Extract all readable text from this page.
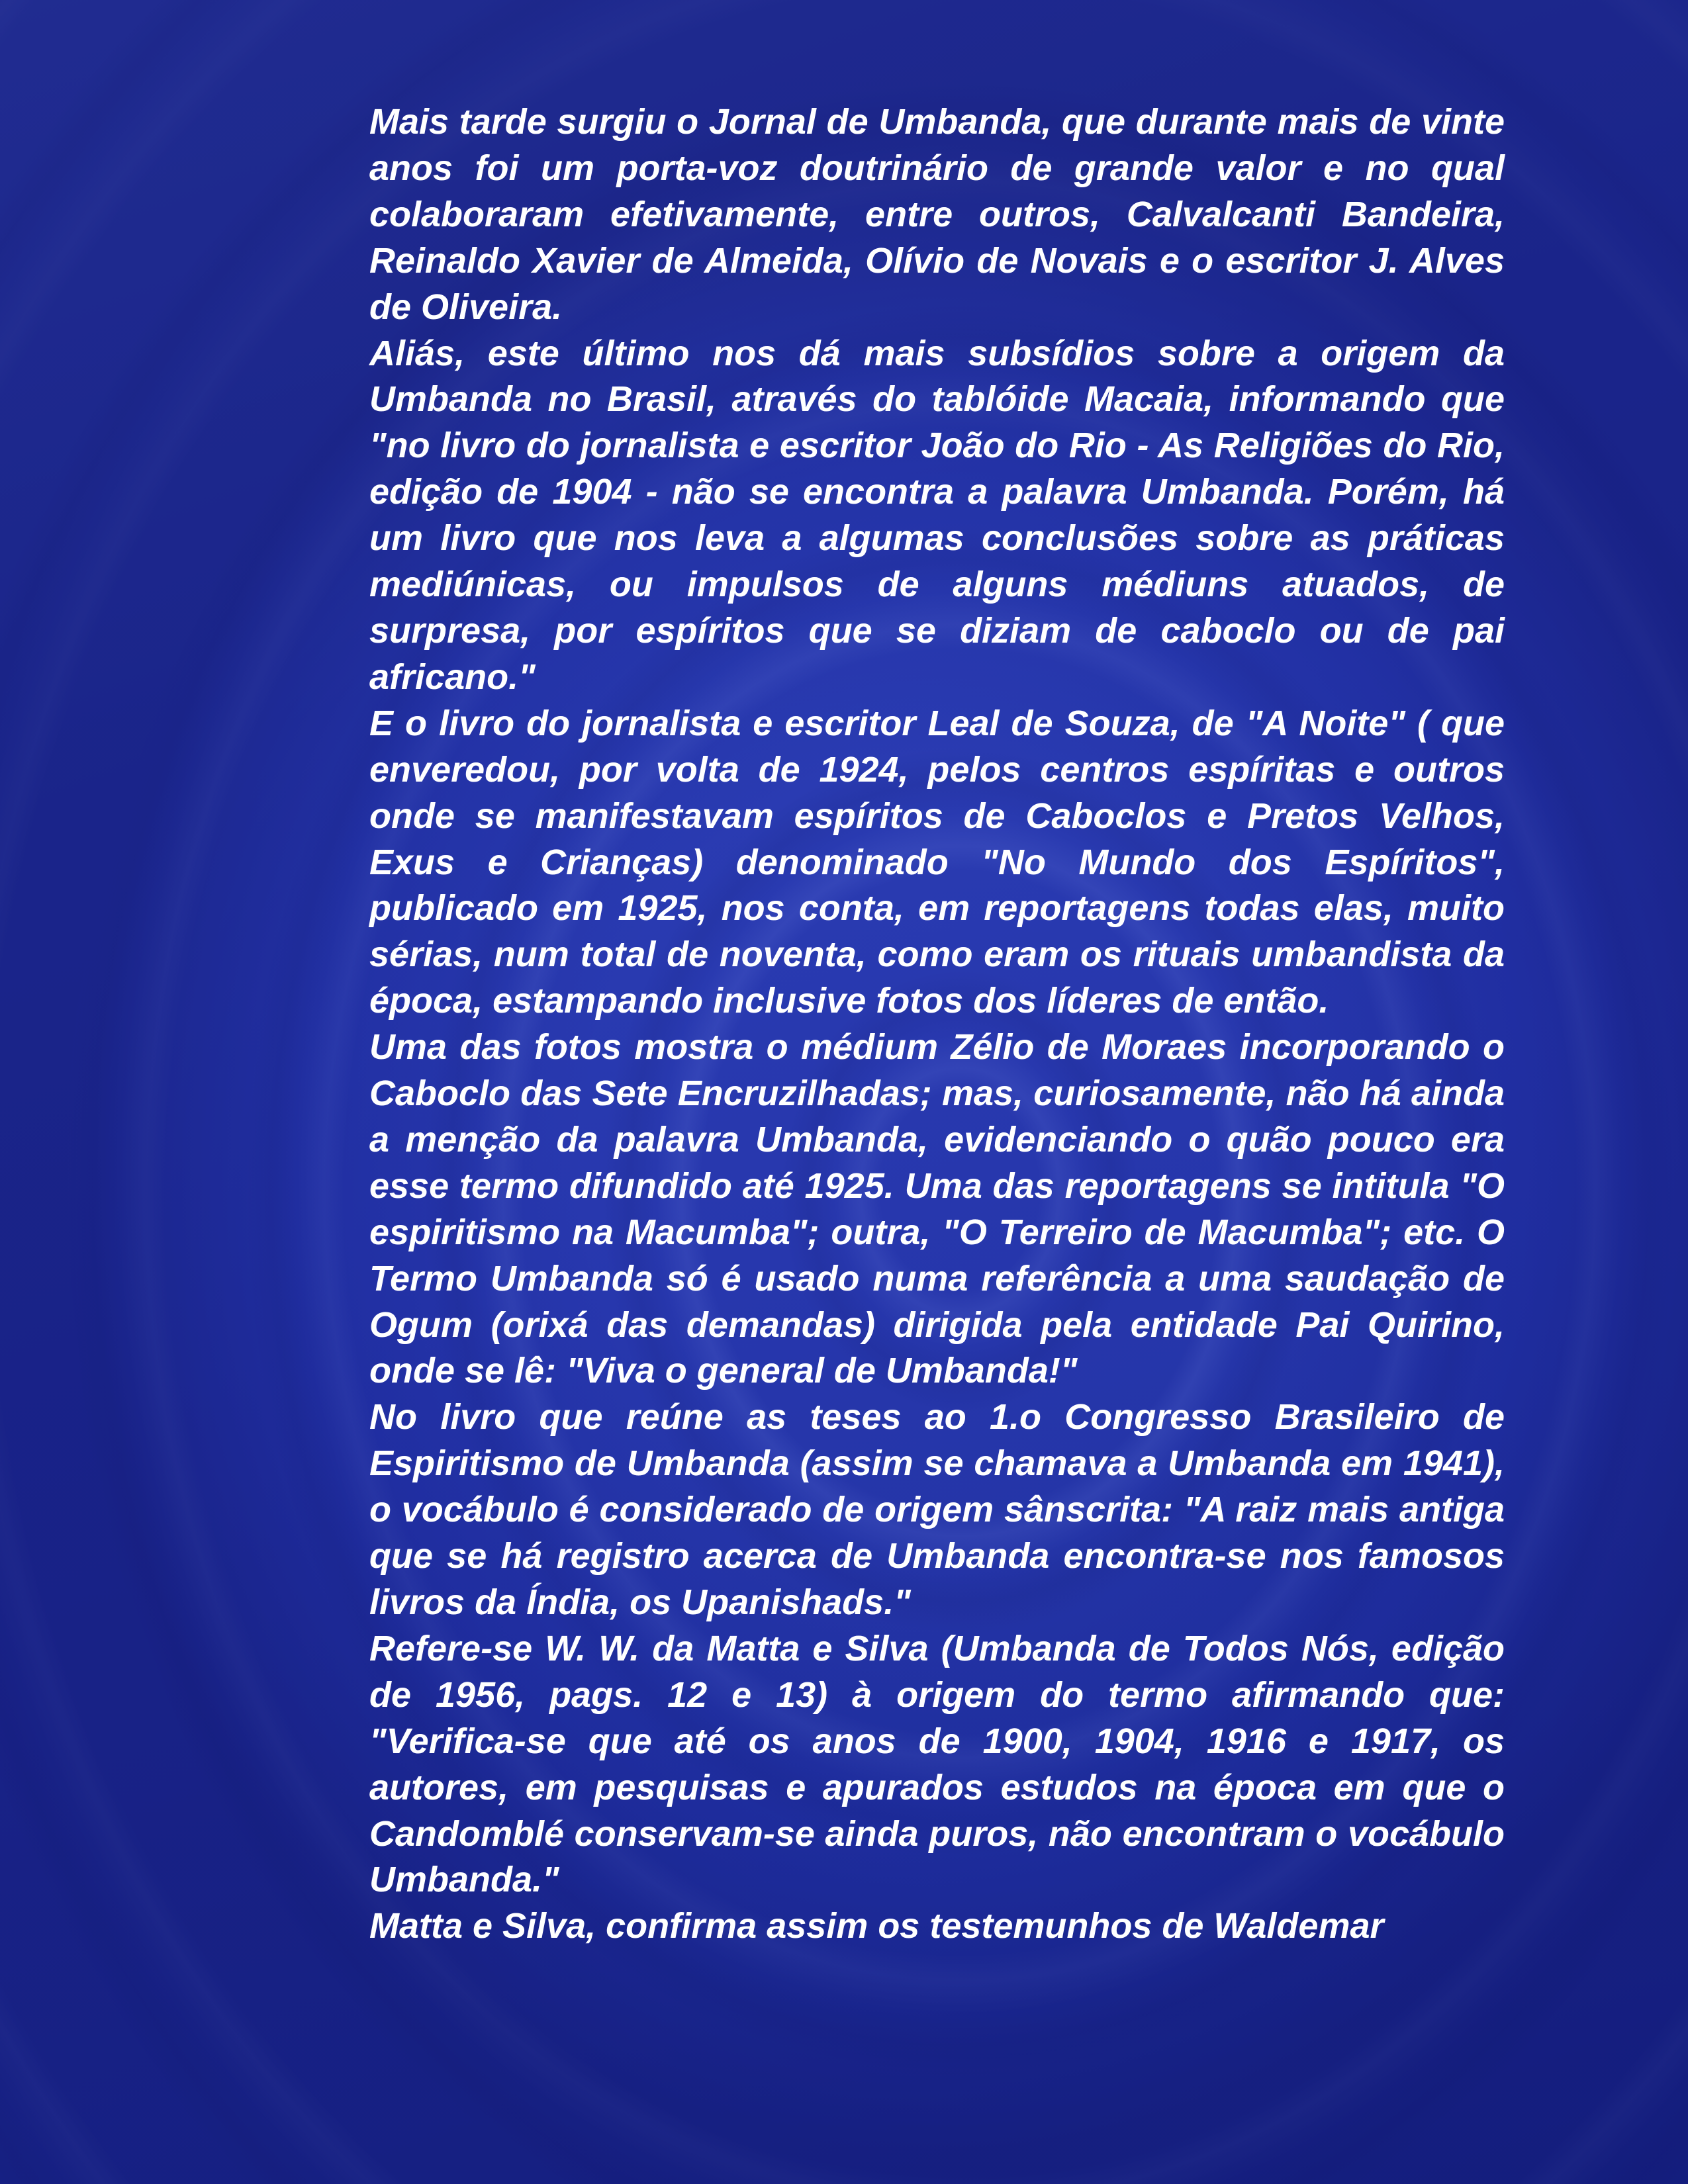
Mais tarde surgiu o Jornal de Umbanda, que durante mais de vinte anos foi um porta-voz doutrinário de grande valor e no qual colaboraram efetivamente, entre outros, Calvalcanti Bandeira, Reinaldo Xavier de Almeida, Olívio de Novais e o escritor J. Alves de Oliveira.

Aliás, este último nos dá mais subsídios sobre a origem da Umbanda no Brasil, através do tablóide Macaia, informando que "no livro do jornalista e escritor João do Rio - As Religiões do Rio, edição de 1904 - não se encontra a palavra Umbanda. Porém, há um livro que nos leva a algumas conclusões sobre as práticas mediúnicas, ou impulsos de alguns médiuns atuados, de surpresa, por espíritos que se diziam de caboclo ou de pai africano."

E o livro do jornalista e escritor Leal de Souza, de "A Noite" ( que enveredou, por volta de 1924, pelos centros espíritas e outros onde se manifestavam espíritos de Caboclos e Pretos Velhos, Exus e Crianças) denominado "No Mundo dos Espíritos", publicado em 1925, nos conta, em reportagens todas elas, muito sérias, num total de noventa, como eram os rituais umbandista da época, estampando inclusive fotos dos líderes de então.

Uma das fotos mostra o médium Zélio de Moraes incorporando o Caboclo das Sete Encruzilhadas; mas, curiosamente, não há ainda a menção da palavra Umbanda, evidenciando o quão pouco era esse termo difundido até 1925. Uma das reportagens se intitula "O espiritismo na Macumba"; outra, "O Terreiro de Macumba"; etc. O Termo Umbanda só é usado numa referência a uma saudação de Ogum (orixá das demandas) dirigida pela entidade Pai Quirino, onde se lê: "Viva o general de Umbanda!"

No livro que reúne as teses ao 1.o Congresso Brasileiro de Espiritismo de Umbanda (assim se chamava a Umbanda em 1941), o vocábulo é considerado de origem sânscrita: "A raiz mais antiga que se há registro acerca de Umbanda encontra-se nos famosos livros da Índia, os Upanishads."

Refere-se W. W. da Matta e Silva (Umbanda de Todos Nós, edição de 1956, pags. 12 e 13) à origem do termo afirmando que: "Verifica-se que até os anos de 1900, 1904, 1916 e 1917, os autores, em pesquisas e apurados estudos na época em que o Candomblé conservam-se ainda puros, não encontram o vocábulo Umbanda."

Matta e Silva, confirma assim os testemunhos de Waldemar
